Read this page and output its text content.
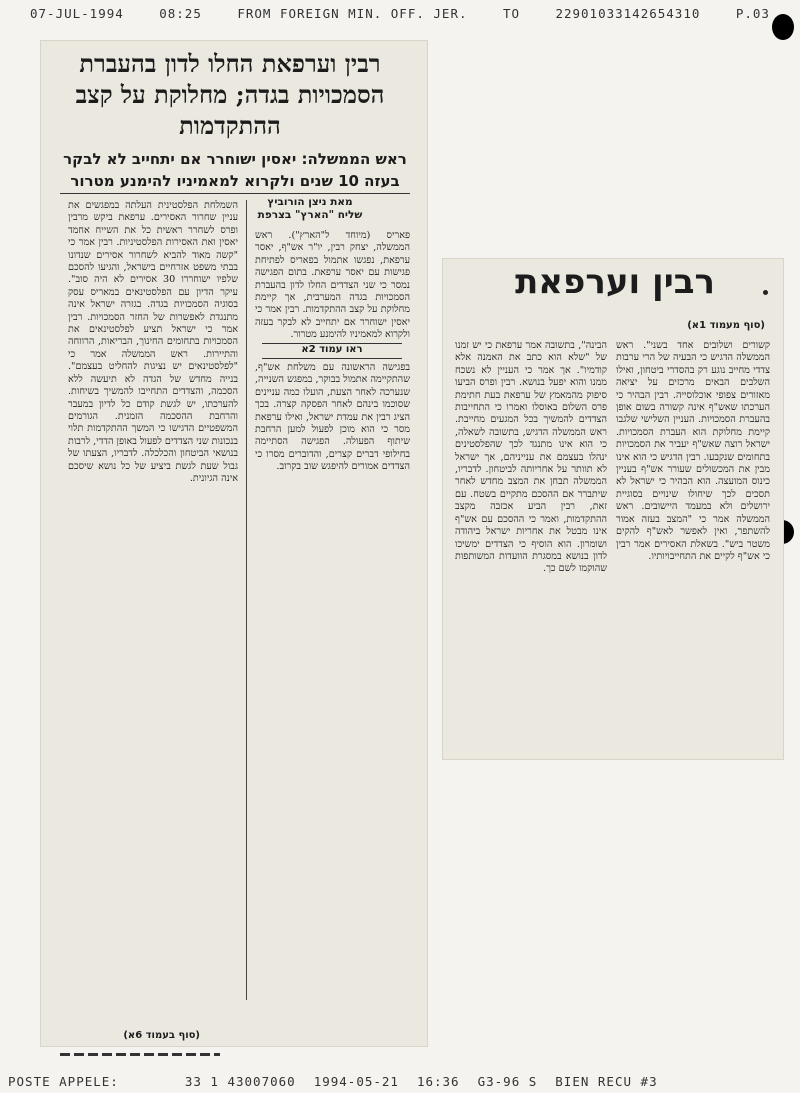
07-JUL-1994	08:25	FROM FOREIGN MIN. OFF. JER.	TO	22901033142654310	P.03
רבין וערפאת החלו לדון בהעברת הסמכויות בגדה; מחלוקת על קצב ההתקדמות
ראש הממשלה: יאסין ישוחרר אם יתחייב לא לבקר בעזה 10 שנים ולקרוא למאמיניו להימנע מטרור
מאת ניצן הורוביץ
שליח "הארץ" בצרפת
פאריס (מיוחד ל"הארץ"). ראש הממשלה, יצחק רבין, יו"ר אש"ף, יאסר ערפאת, נפגשו אתמול בפאריס לפתיחת פגישות עם יאסר ערפאת. בתום הפגישה נמסר כי שני הצדדים החלו לדון בהעברת הסמכויות בגדה המערבית, אך קיימת מחלוקת על קצב ההתקדמות. רבין אמר כי יאסין ישוחרר אם יתחייב לא לבקר בעזה ולקרוא למאמיניו להימנע מטרור.
ראו עמוד 2א
בפגישה הראשונה עם משלחת אש"ף, שהתקיימה אתמול בבוקר, במפגש השנייה, שנערכה לאחר הצעת, הועלו כמה עניינים שסוכמו בינהם לאחר הפסקה קצרה. בכך הציג רבין את עמדת ישראל, ואילו ערפאת מסר כי הוא מוכן לפעול למען הרחבת שיתוף הפעולה. הפגישה הסתיימה בחילופי דברים קצרים, והדוברים מסרו כי הצדדים אמורים להיפגש שוב בקרוב.
השמלחת הפלסטינית העלתה במפגשים את עניין שחרור האסירים. ערפאת ביקש מרבין ופרס לשחרר ראשית כל את השייח אחמד יאסין ואת האסירות הפלסטיניות. רבין אמר כי "קשה מאוד להביא לשחרור אסירים שנדונו בבתי משפט אזרחיים בישראל, והגיעו להסכם שלפיו ישוחררו 30 אסירים לא היה סוב". עיקר הדיון עם הפלסטינאים במאריס עסק בסוגיה הסמכויות בגדה. בגזרה ישראל אינה מתנגדת לאפשרות של החזר הסמכויות. רבין אמר כי ישראל תציע לפלסטינאים את הסמכויות בתחומים החינוך, הבריאות, הרווחה והתיירות. ראש הממשלה אמר כי "לפלסטינאים יש נציגות להחליט בעצמם". בנייה מחדש של הגדה לא תיעשה ללא הסכמה, והצדדים התחייבו להמשיך בשיחות. להערכתו, יש לגשת קודם כל לדיון במעבר והרחבת ההסכמה הזמנית. הגורמים המשפטיים הדגישו כי המשך ההתקדמות תלוי בנכונות שני הצדדים לפעול באופן הדדי, לרבות בנושאי הביטחון והכלכלה. לדבריו, הצעתו של גבול שעת לגשת ביציע של כל נושא שיסכם אינה הגיונית.
(סוף בעמוד 6א)
רבין וערפאת
(סוף מעמוד 1א)
קשורים ושלובים אחד בשני". ראש הממשלה הדגיש כי הבעיה של הרי ערבות צדדי מחייב נוגע רק בהסדרי ביטחון, ואילו השלבים הבאים מרכזים על יציאה מאזורים צפופי אוכלוסייה. רבין הבהיר כי הערכתו שאש"ף אינה קשורה בשום אופן בהעברת הסמכויות. העניין השלישי שלגבו קיימת מחלוקת הוא העברת הסמכויות. ישראל רוצה שאש"ף יעביר את הסמכויות בתחומים שנקבעו. רבין הדגיש כי הוא אינו מבין את המכשולים שעורר אש"ף בעניין כינוס המועצה. הוא הבהיר כי ישראל לא תסכים לכך שיחולו שינויים בסוגיית ירושלים ולא במעמד היישובים. ראש הממשלה אמר כי "המצב בעזה אמור להשתפר, ואין לאפשר לאש"ף להקים משטר ביש". בשאלת האסירים אמר רבין כי אש"ף לקיים את התחייבויותיו.
הבינה", בתשובה אמר ערפאת כי יש זמנו של "שלא הוא כתב את האמנה אלא קודמיו". אך אמר כי העניין לא נשכח ממנו והוא יפעל בנושא. רבין ופרס הביעו סיפוק מהמאמץ של ערפאת בעת חתימת פרס השלום באוסלו ואמרו כי התחייבות הצדדים להמשיך בכל המגעים מחייבת. ראש הממשלה הדגיש, בתשובה לשאלה, כי הוא אינו מתנגד לכך שהפלסטינים ינהלו בעצמם את ענייניהם, אך ישראל לא תוותר על אחריותה לביטחון. לדבריו, הממשלה תבחן את המצב מחדש לאחר שיתברר אם ההסכם מתקיים בשטח. עם זאת, רבין הביע אכזבה מקצב ההתקדמות, ואמר כי ההסכם עם אש"ף אינו מבטל את אחריות ישראל ביהודה ושומרון. הוא הוסיף כי הצדדים ימשיכו לדון בנושא במסגרת הוועדות המשותפות שהוקמו לשם כך.
POSTE APPELE:	33 1 43007060 1994-05-21 16:36 G3-96 S BIEN RECU #3
